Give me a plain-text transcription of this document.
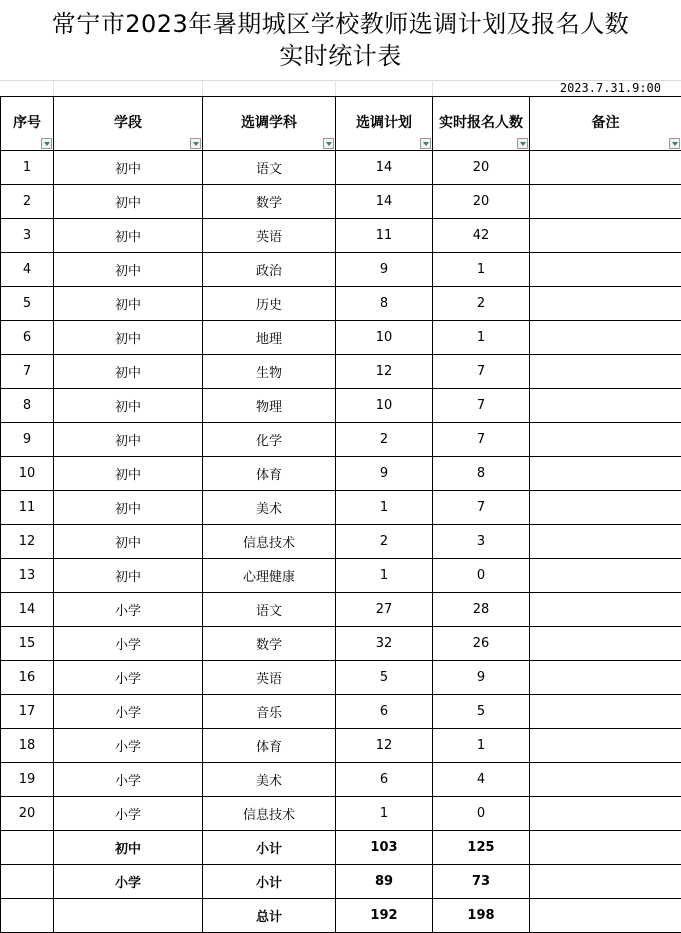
常宁市2023年暑期城区学校教师选调计划及报名人数
实时统计表
2023.7.31.9:00
序号	学段	选调学科	选调计划	实时报名人数	备注

1	初中	语文	14	20	
2	初中	数学	14	20	
3	初中	英语	11	42	
4	初中	政治	9	1	
5	初中	历史	8	2	
6	初中	地理	10	1	
7	初中	生物	12	7	
8	初中	物理	10	7	
9	初中	化学	2	7	
10	初中	体育	9	8	
11	初中	美术	1	7	
12	初中	信息技术	2	3	
13	初中	心理健康	1	0	
14	小学	语文	27	28	
15	小学	数学	32	26	
16	小学	英语	5	9	
17	小学	音乐	6	5	
18	小学	体育	12	1	
19	小学	美术	6	4	
20	小学	信息技术	1	0	
	初中	小计	103	125	
	小学	小计	89	73	
		总计	192	198	
